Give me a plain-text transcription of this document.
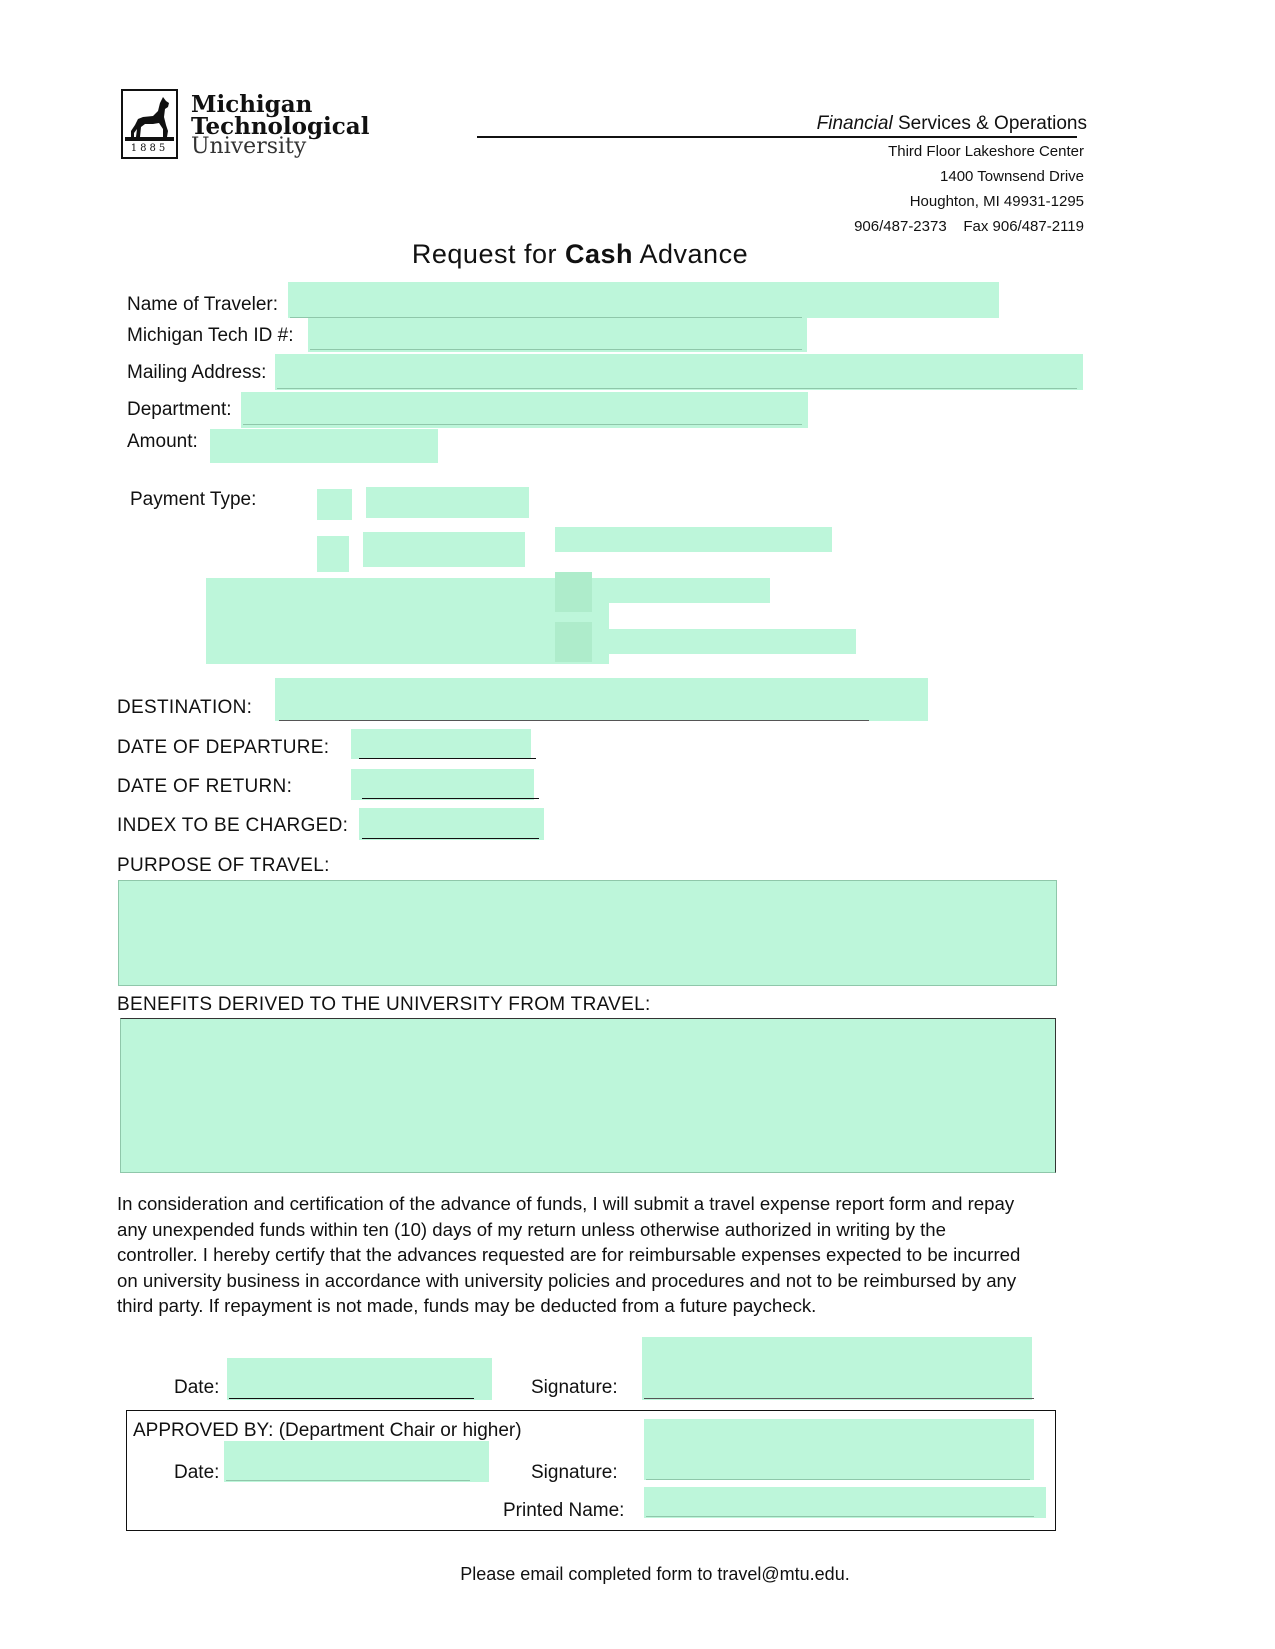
1885
Michigan
Technological
University
Financial Services & Operations
Third Floor Lakeshore Center
1400 Townsend Drive
Houghton, MI 49931-1295
906/487-2373    Fax 906/487-2119
Request for Cash Advance
Name of Traveler:
Michigan Tech ID #:
Mailing Address:
Department:
Amount:
Payment Type:
DESTINATION:
DATE OF DEPARTURE:
DATE OF RETURN:
INDEX TO BE CHARGED:
PURPOSE OF TRAVEL:
BENEFITS DERIVED TO THE UNIVERSITY FROM TRAVEL:
In consideration and certification of the advance of funds, I will submit a travel expense report form and repay
any unexpended funds within ten (10) days of my return unless otherwise authorized in writing by the
controller. I hereby certify that the advances requested are for reimbursable expenses expected to be incurred
on university business in accordance with university policies and procedures and not to be reimbursed by any
third party. If repayment is not made, funds may be deducted from a future paycheck.
Date:	Signature:
APPROVED BY: (Department Chair or higher)
Date:	Signature:
Printed Name:
Please email completed form to travel@mtu.edu.
